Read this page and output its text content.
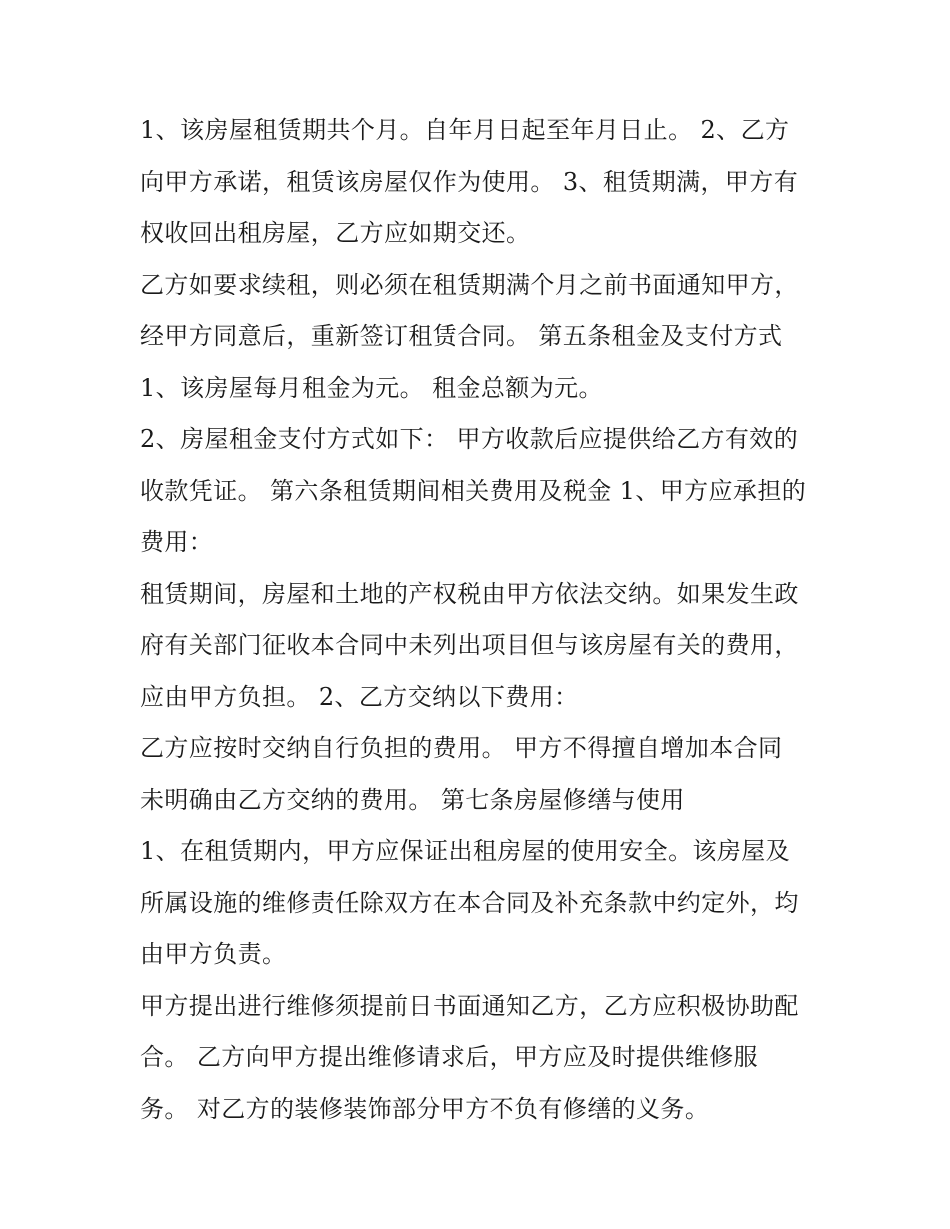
1、该房屋租赁期共个月。自年月日起至年月日止。 2、乙方
向甲方承诺，租赁该房屋仅作为使用。 3、租赁期满，甲方有
权收回出租房屋，乙方应如期交还。
乙方如要求续租，则必须在租赁期满个月之前书面通知甲方，
经甲方同意后，重新签订租赁合同。 第五条租金及支付方式
1、该房屋每月租金为元。 租金总额为元。
2、房屋租金支付方式如下： 甲方收款后应提供给乙方有效的
收款凭证。 第六条租赁期间相关费用及税金 1、甲方应承担的
费用：
租赁期间，房屋和土地的产权税由甲方依法交纳。如果发生政
府有关部门征收本合同中未列出项目但与该房屋有关的费用，
应由甲方负担。 2、乙方交纳以下费用：
乙方应按时交纳自行负担的费用。 甲方不得擅自增加本合同
未明确由乙方交纳的费用。 第七条房屋修缮与使用
1、在租赁期内，甲方应保证出租房屋的使用安全。该房屋及
所属设施的维修责任除双方在本合同及补充条款中约定外，均
由甲方负责。
甲方提出进行维修须提前日书面通知乙方，乙方应积极协助配
合。 乙方向甲方提出维修请求后，甲方应及时提供维修服
务。 对乙方的装修装饰部分甲方不负有修缮的义务。
